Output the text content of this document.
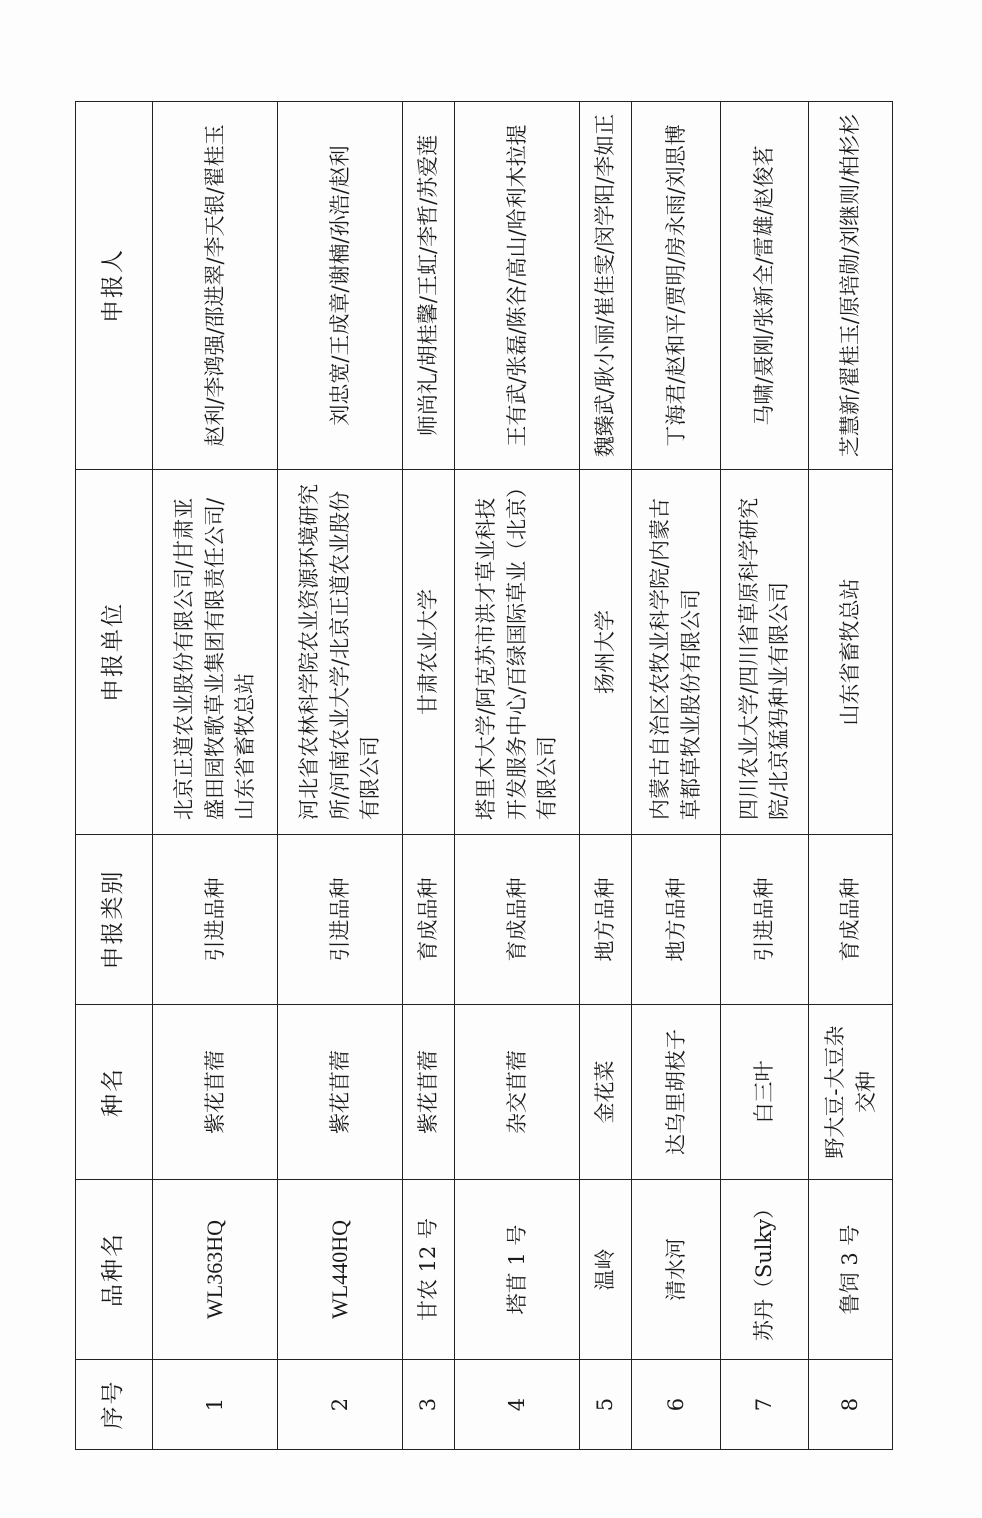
序号	品种名	种名	申报类别	申报单位	申报人
1	WL363HQ	紫花苜蓿	引进品种	北京正道农业股份有限公司/甘肃亚盛田园牧歌草业集团有限责任公司/山东省畜牧总站	赵利/李鸿强/邵进翠/李天银/翟桂玉
2	WL440HQ	紫花苜蓿	引进品种	河北省农林科学院农业资源环境研究所/河南农业大学/北京正道农业股份有限公司	刘忠宽/王成章/谢楠/孙浩/赵利
3	甘农 12 号	紫花苜蓿	育成品种	甘肃农业大学	师尚礼/胡桂馨/王虹/李哲/苏爱莲
4	塔苜 1 号	杂交苜蓿	育成品种	塔里木大学/阿克苏市洪才草业科技开发服务中心/百绿国际草业（北京）有限公司	王有武/张磊/陈谷/高山/哈利木拉提
5	温岭	金花菜	地方品种	扬州大学	魏臻武/耿小丽/崔佳雯/闵学阳/李如正
6	清水河	达乌里胡枝子	地方品种	内蒙古自治区农牧业科学院/内蒙古草都草牧业股份有限公司	丁海君/赵和平/贾明/房永雨/刘思博
7	苏丹（Sulky）	白三叶	引进品种	四川农业大学/四川省草原科学研究院/北京猛犸种业有限公司	马啸/聂刚/张新全/雷雄/赵俊茗
8	鲁饲 3 号	野大豆-大豆杂交种	育成品种	山东省畜牧总站	芝慧新/翟桂玉/原培勋/刘继则/柏杉杉
